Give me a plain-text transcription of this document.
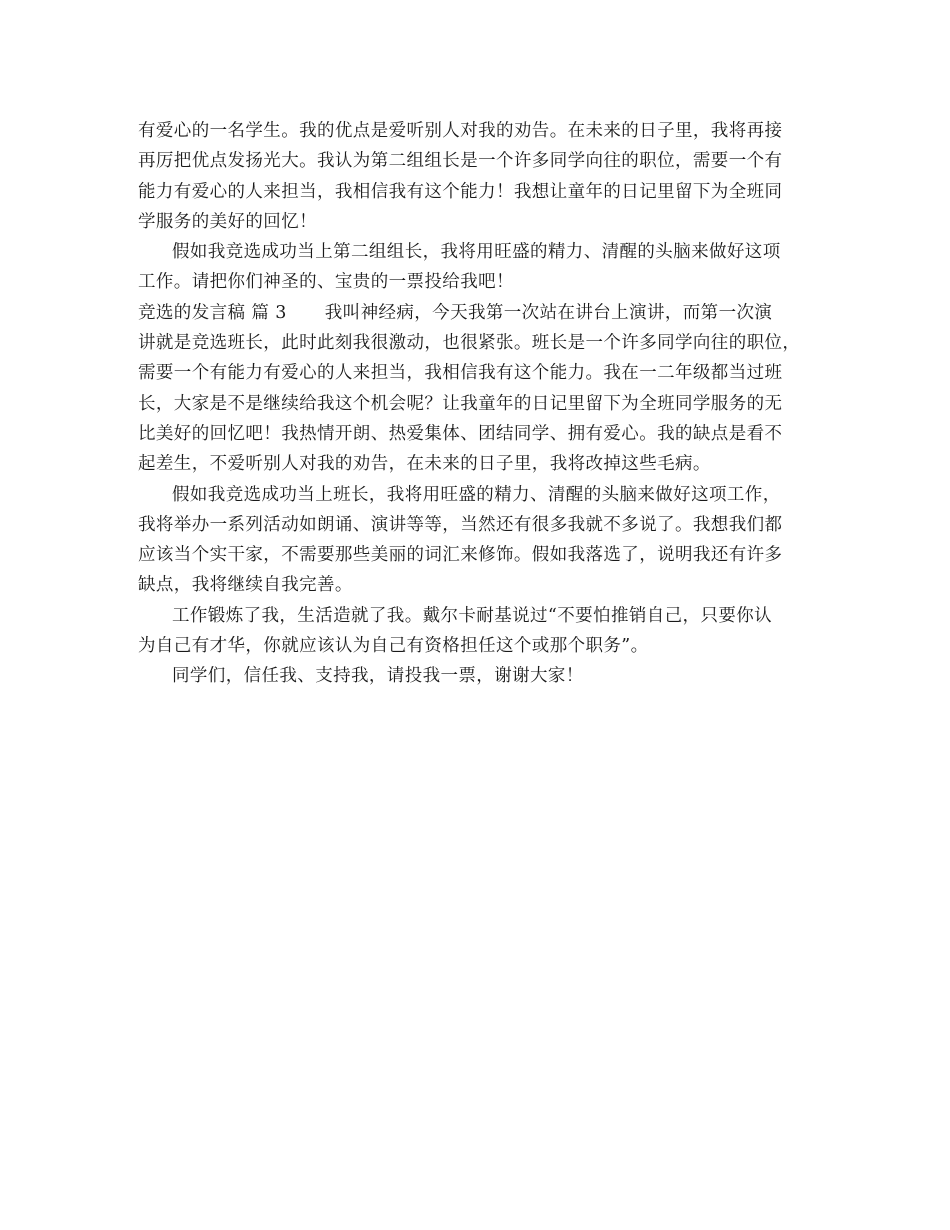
有爱心的一名学生。我的优点是爱听别人对我的劝告。在未来的日子里，我将再接
再厉把优点发扬光大。我认为第二组组长是一个许多同学向往的职位，需要一个有
能力有爱心的人来担当，我相信我有这个能力！我想让童年的日记里留下为全班同
学服务的美好的回忆！
假如我竞选成功当上第二组组长，我将用旺盛的精力、清醒的头脑来做好这项
工作。请把你们神圣的、宝贵的一票投给我吧！
竞选的发言稿 篇 3 我叫神经病，今天我第一次站在讲台上演讲，而第一次演
讲就是竞选班长，此时此刻我很激动，也很紧张。班长是一个许多同学向往的职位，
需要一个有能力有爱心的人来担当，我相信我有这个能力。我在一二年级都当过班
长，大家是不是继续给我这个机会呢？让我童年的日记里留下为全班同学服务的无
比美好的回忆吧！我热情开朗、热爱集体、团结同学、拥有爱心。我的缺点是看不
起差生，不爱听别人对我的劝告，在未来的日子里，我将改掉这些毛病。
假如我竞选成功当上班长，我将用旺盛的精力、清醒的头脑来做好这项工作，
我将举办一系列活动如朗诵、演讲等等，当然还有很多我就不多说了。我想我们都
应该当个实干家，不需要那些美丽的词汇来修饰。假如我落选了，说明我还有许多
缺点，我将继续自我完善。
工作锻炼了我，生活造就了我。戴尔卡耐基说过“不要怕推销自己，只要你认
为自己有才华，你就应该认为自己有资格担任这个或那个职务”。
同学们，信任我、支持我，请投我一票，谢谢大家！
